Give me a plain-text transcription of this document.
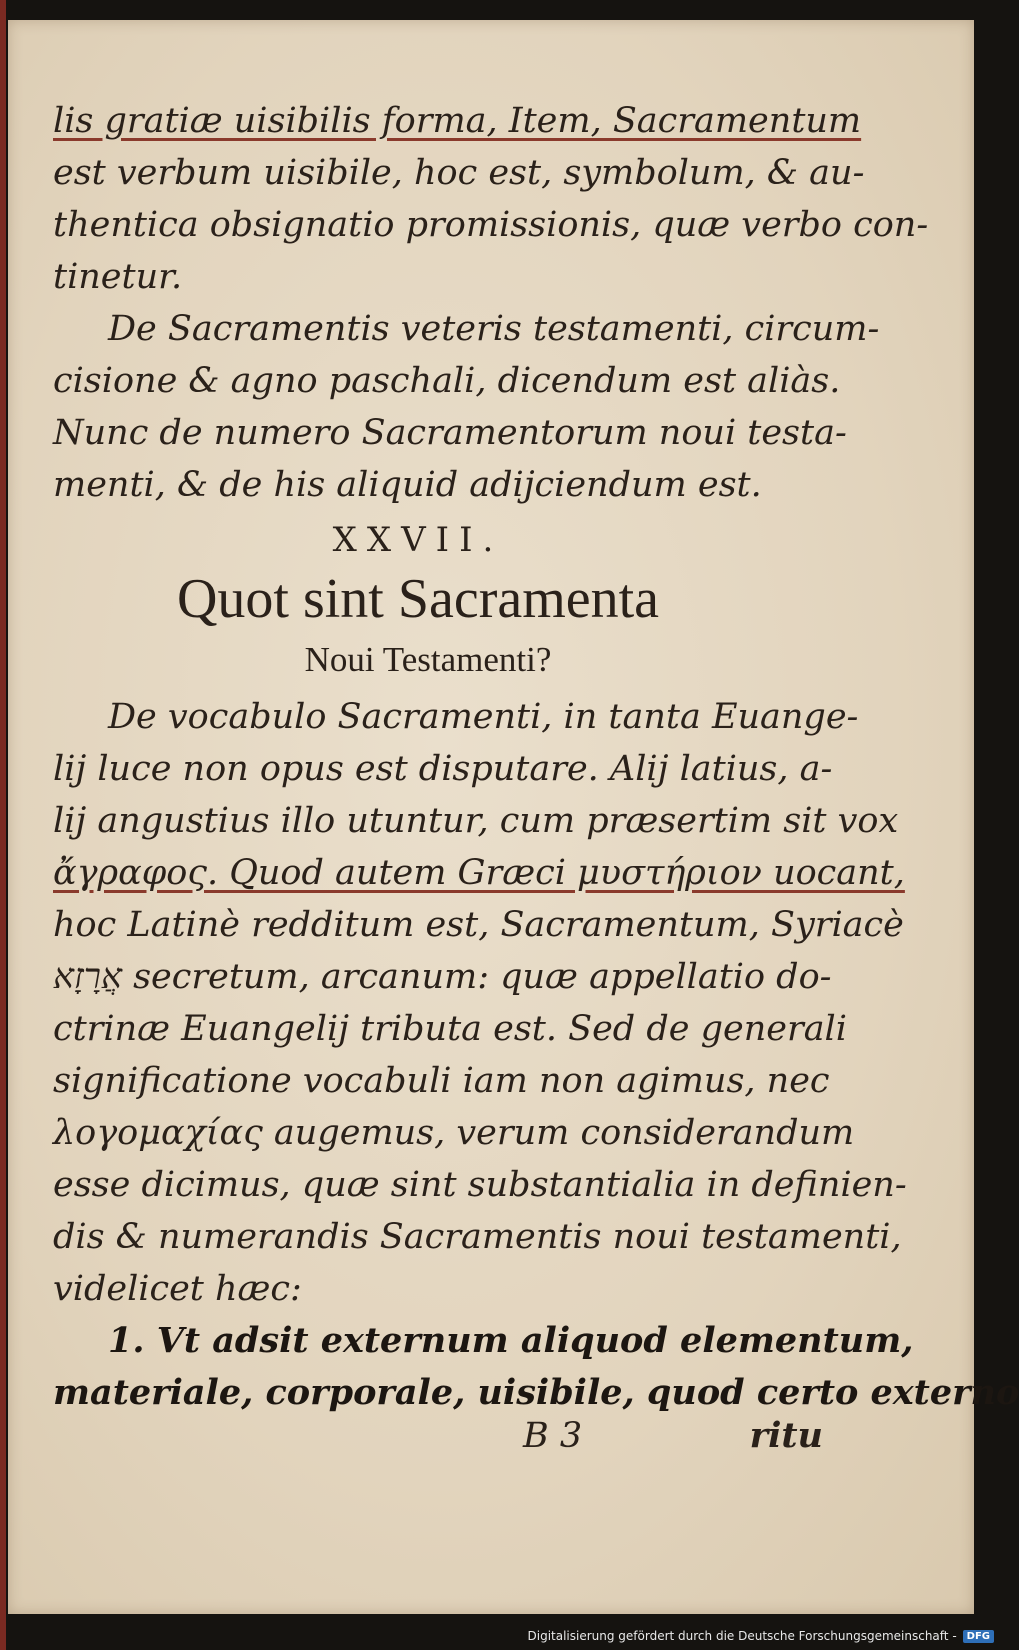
lis gratiæ uisibilis forma, Item, Sacramentum
est verbum uisibile, hoc est, symbolum, & au-
thentica obsignatio promissionis, quæ verbo con-
tinetur.
De Sacramentis veteris testamenti, circum-
cisione & agno paschali, dicendum est aliàs.
Nunc de numero Sacramentorum noui testa-
menti, & de his aliquid adijciendum est.
XXVII.
Quot sint Sacramenta
Noui Testamenti?
De vocabulo Sacramenti, in tanta Euange-
lij luce non opus est disputare. Alij latius, a-
lij angustius illo utuntur, cum præsertim sit vox
ἄγραφος. Quod autem Græci μυστήριον uocant,
hoc Latinè redditum est, Sacramentum, Syriacè
אֲרָזָא secretum, arcanum: quæ appellatio do-
ctrinæ Euangelij tributa est. Sed de generali
significatione vocabuli iam non agimus, nec
λογομαχίας augemus, verum considerandum
esse dicimus, quæ sint substantialia in definien-
dis & numerandis Sacramentis noui testamenti,
videlicet hæc:
1. Vt adsit externum aliquod elementum,
materiale, corporale, uisibile, quod certo externo
B 3	ritu
Digitalisierung gefördert durch die Deutsche Forschungsgemeinschaft -	DFG
